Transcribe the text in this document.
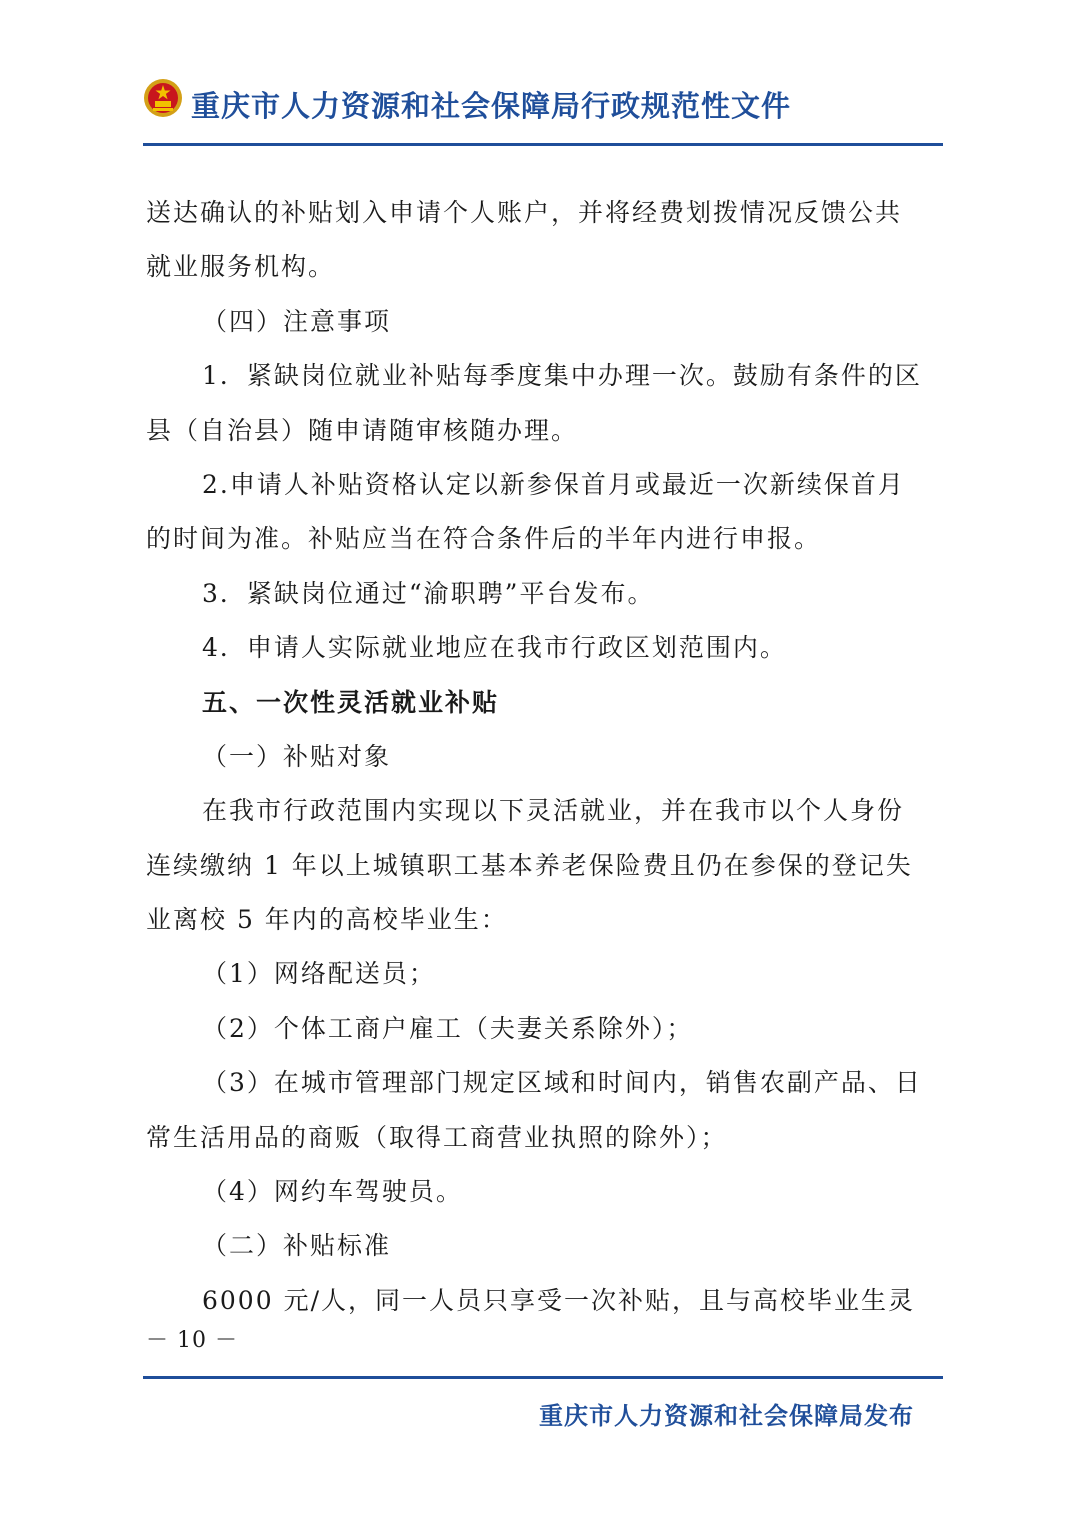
重庆市人力资源和社会保障局行政规范性文件
送达确认的补贴划入申请个人账户，并将经费划拨情况反馈公共
就业服务机构。
（四）注意事项
1．紧缺岗位就业补贴每季度集中办理一次。鼓励有条件的区
县（自治县）随申请随审核随办理。
2.申请人补贴资格认定以新参保首月或最近一次新续保首月
的时间为准。补贴应当在符合条件后的半年内进行申报。
3．紧缺岗位通过“渝职聘”平台发布。
4．申请人实际就业地应在我市行政区划范围内。
五、一次性灵活就业补贴
（一）补贴对象
在我市行政范围内实现以下灵活就业，并在我市以个人身份
连续缴纳 1 年以上城镇职工基本养老保险费且仍在参保的登记失
业离校 5 年内的高校毕业生：
（1）网络配送员；
（2）个体工商户雇工（夫妻关系除外）；
（3）在城市管理部门规定区域和时间内，销售农副产品、日
常生活用品的商贩（取得工商营业执照的除外）；
（4）网约车驾驶员。
（二）补贴标准
6000 元/人，同一人员只享受一次补贴，且与高校毕业生灵
－ 10 －
重庆市人力资源和社会保障局发布
